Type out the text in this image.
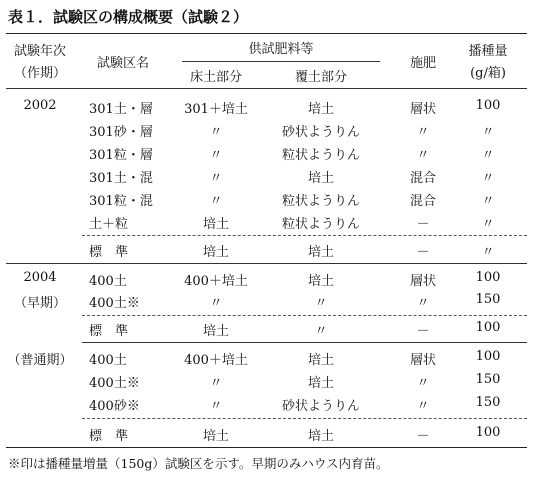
表１．試験区の構成概要（試験２）
試験年次
（作期）
試験区名
供試肥料等
床土部分	覆土部分
施肥
播種量
(g/箱)
2002 301土・層 301＋培土	培土	層状	100
301砂・層	〃	砂状ようりん	〃	〃
301粒・層	〃	粒状ようりん	〃	〃
301土・混	〃	培土	混合	〃
301粒・混	〃	粒状ようりん	混合	〃
土＋粒	培土	粒状ようりん	－	〃
標　準	培土	培土	－	〃
2004
（早期）
400土	400＋培土	培土	層状	100
400土※	〃	〃	〃	150
標　準	培土	〃	－	100
（普通期） 400土	400＋培土	培土	層状	100
400土※	〃	培土	〃	150
400砂※	〃	砂状ようりん	〃	150
標　準	培土	培土	－	100
※印は播種量増量（150g）試験区を示す。早期のみハウス内育苗。
